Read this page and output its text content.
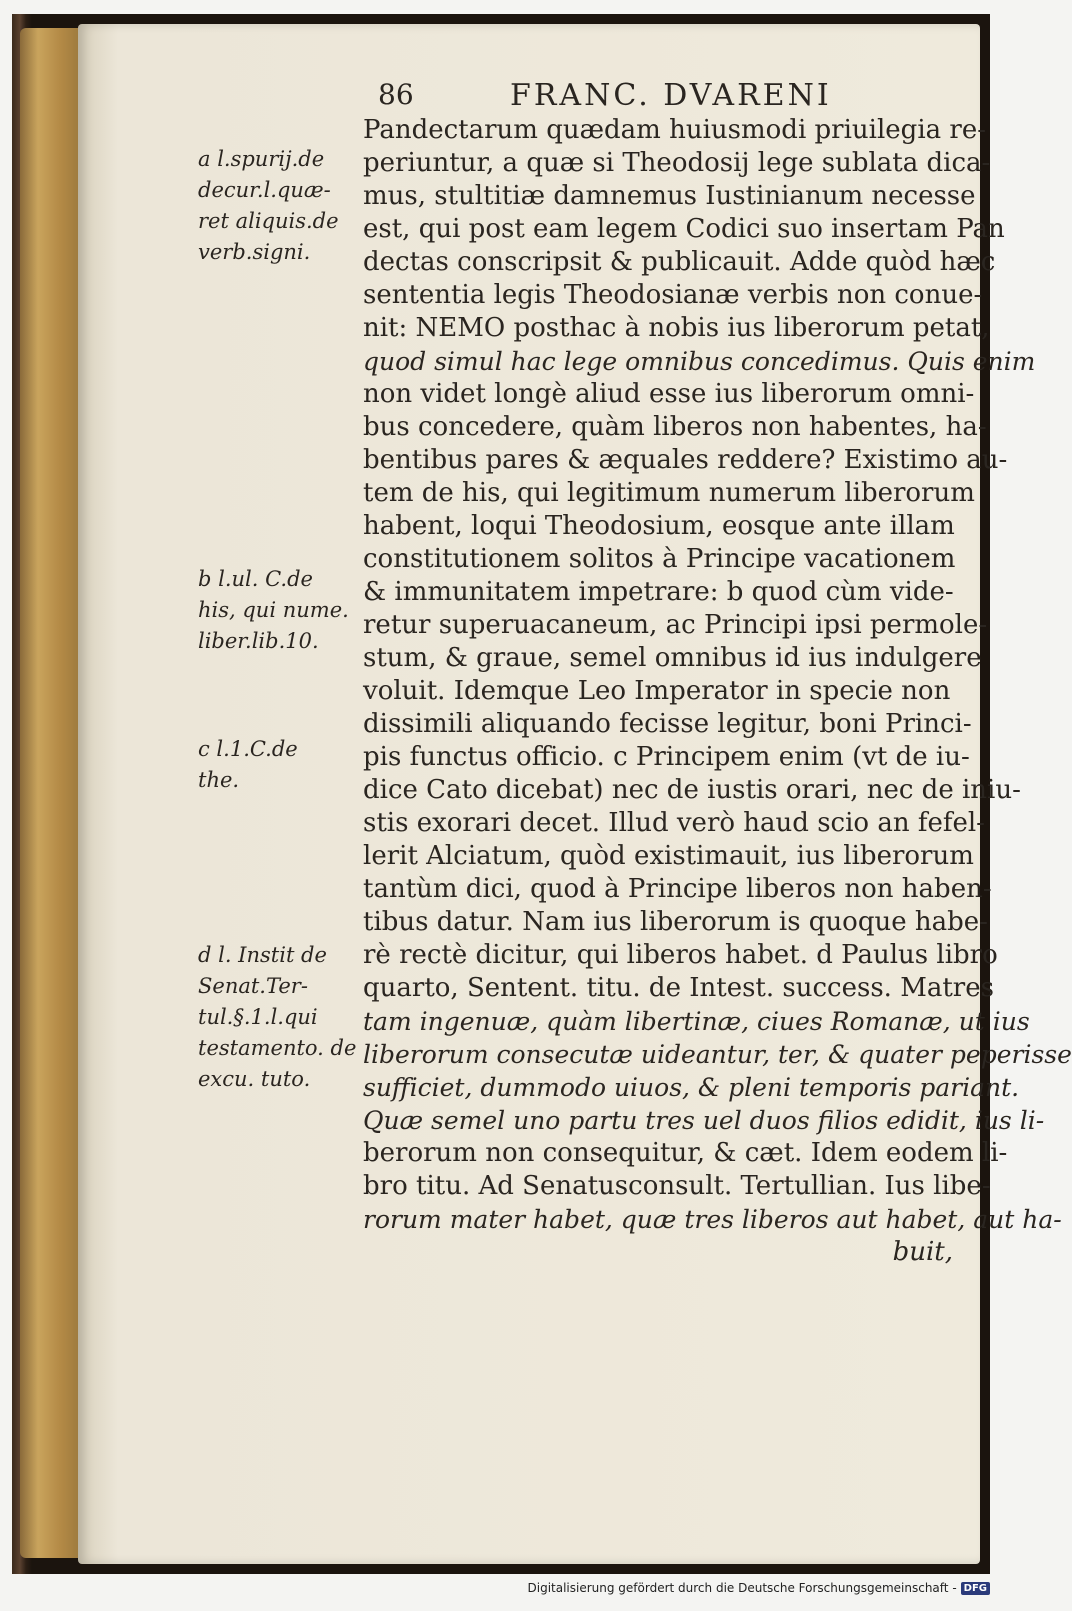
86	FRANC. DVARENI
a l.spurij.de
decur.l.quæ-
ret aliquis.de
verb.signi.
b l.ul. C.de
his, qui nume.
liber.lib.10.
c l.1.C.de
the.
d l. Instit de
Senat.Ter-
tul.§.1.l.qui
testamento. de
excu. tuto.
Pandectarum quædam huiusmodi priuilegia re-
periuntur, a quæ si Theodosij lege sublata dica-
mus, stultitiæ damnemus Iustinianum necesse
est, qui post eam legem Codici suo insertam Pan
dectas conscripsit & publicauit. Adde quòd hæc
sententia legis Theodosianæ verbis non conue-
nit: NEMO posthac à nobis ius liberorum petat,
quod simul hac lege omnibus concedimus. Quis enim
non videt longè aliud esse ius liberorum omni-
bus concedere, quàm liberos non habentes, ha-
bentibus pares & æquales reddere? Existimo au-
tem de his, qui legitimum numerum liberorum
habent, loqui Theodosium, eosque ante illam
constitutionem solitos à Principe vacationem
& immunitatem impetrare: b quod cùm vide-
retur superuacaneum, ac Principi ipsi permole-
stum, & graue, semel omnibus id ius indulgere
voluit. Idemque Leo Imperator in specie non
dissimili aliquando fecisse legitur, boni Princi-
pis functus officio. c Principem enim (vt de iu-
dice Cato dicebat) nec de iustis orari, nec de iniu-
stis exorari decet. Illud verò haud scio an fefel-
lerit Alciatum, quòd existimauit, ius liberorum
tantùm dici, quod à Principe liberos non haben-
tibus datur. Nam ius liberorum is quoque habe-
rè rectè dicitur, qui liberos habet. d Paulus libro
quarto, Sentent. titu. de Intest. success. Matres
tam ingenuæ, quàm libertinæ, ciues Romanæ, ut ius
liberorum consecutæ uideantur, ter, & quater peperisse
sufficiet, dummodo uiuos, & pleni temporis pariant.
Quæ semel uno partu tres uel duos filios edidit, ius li-
berorum non consequitur, & cæt. Idem eodem li-
bro titu. Ad Senatusconsult. Tertullian. Ius libe-
rorum mater habet, quæ tres liberos aut habet, aut ha-
buit,
Digitalisierung gefördert durch die Deutsche Forschungsgemeinschaft - DFG
